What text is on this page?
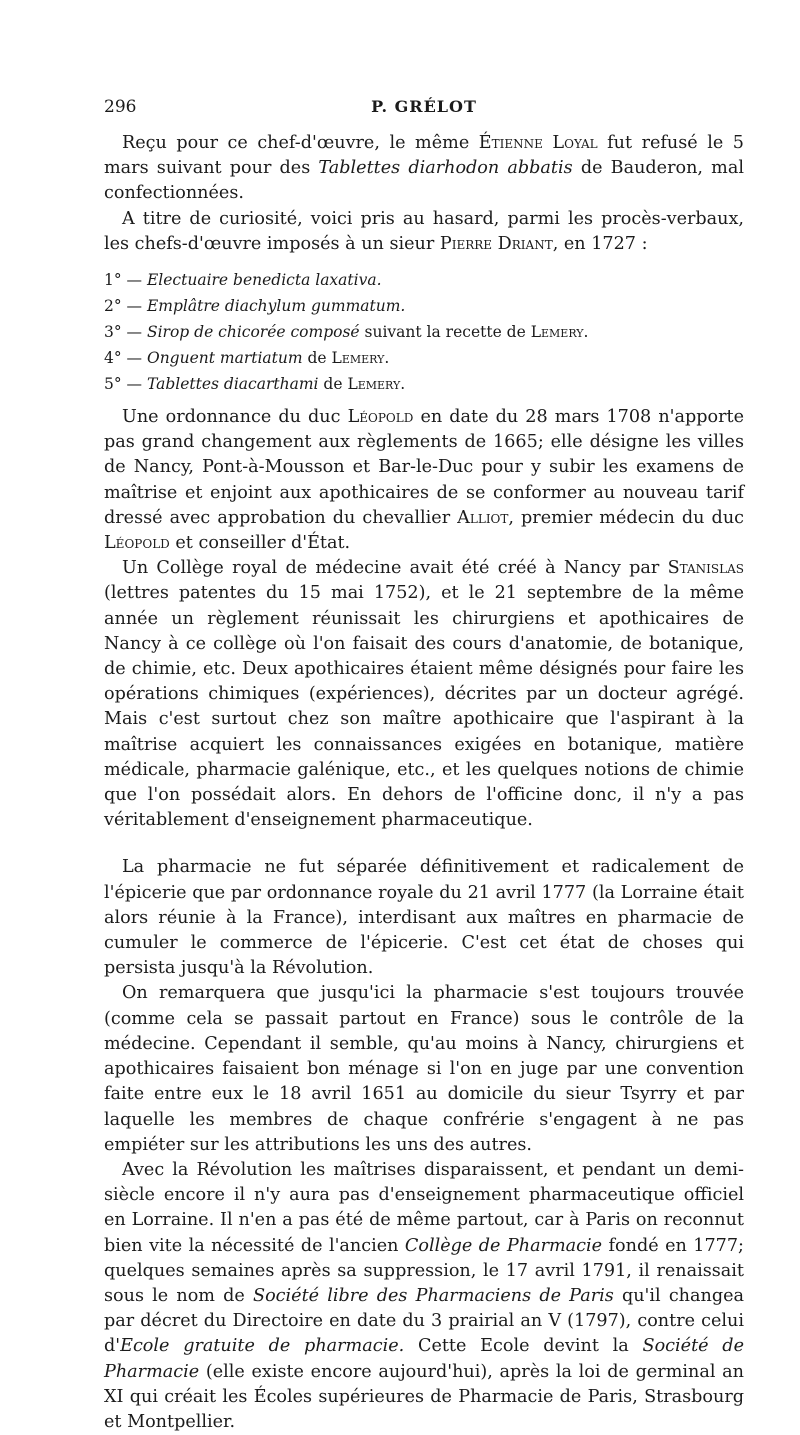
296	P. GRÉLOT

Reçu pour ce chef-d'œuvre, le même Étienne Loyal fut refusé le 5 mars suivant pour des Tablettes diarhodon abbatis de Bauderon, mal confectionnées.

A titre de curiosité, voici pris au hasard, parmi les procès-verbaux, les chefs-d'œuvre imposés à un sieur Pierre Driant, en 1727 :

1° — Electuaire benedicta laxativa.
2° — Emplâtre diachylum gummatum.
3° — Sirop de chicorée composé suivant la recette de Lemery.
4° — Onguent martiatum de Lemery.
5° — Tablettes diacarthami de Lemery.

Une ordonnance du duc Léopold en date du 28 mars 1708 n'apporte pas grand changement aux règlements de 1665; elle désigne les villes de Nancy, Pont-à-Mousson et Bar-le-Duc pour y subir les examens de maîtrise et enjoint aux apothicaires de se conformer au nouveau tarif dressé avec approbation du chevallier Alliot, premier médecin du duc Léopold et conseiller d'État.

Un Collège royal de médecine avait été créé à Nancy par Stanislas (lettres patentes du 15 mai 1752), et le 21 septembre de la même année un règlement réunissait les chirurgiens et apothicaires de Nancy à ce collège où l'on faisait des cours d'anatomie, de botanique, de chimie, etc. Deux apothicaires étaient même désignés pour faire les opérations chimiques (expériences), décrites par un docteur agrégé. Mais c'est surtout chez son maître apothicaire que l'aspirant à la maîtrise acquiert les connaissances exigées en botanique, matière médicale, pharmacie galénique, etc., et les quelques notions de chimie que l'on possédait alors. En dehors de l'officine donc, il n'y a pas véritablement d'enseignement pharmaceutique.

La pharmacie ne fut séparée définitivement et radicalement de l'épicerie que par ordonnance royale du 21 avril 1777 (la Lorraine était alors réunie à la France), interdisant aux maîtres en pharmacie de cumuler le commerce de l'épicerie. C'est cet état de choses qui persista jusqu'à la Révolution.

On remarquera que jusqu'ici la pharmacie s'est toujours trouvée (comme cela se passait partout en France) sous le contrôle de la médecine. Cependant il semble, qu'au moins à Nancy, chirurgiens et apothicaires faisaient bon ménage si l'on en juge par une convention faite entre eux le 18 avril 1651 au domicile du sieur Tsyrry et par laquelle les membres de chaque confrérie s'engagent à ne pas empiéter sur les attributions les uns des autres.

Avec la Révolution les maîtrises disparaissent, et pendant un demi-siècle encore il n'y aura pas d'enseignement pharmaceutique officiel en Lorraine. Il n'en a pas été de même partout, car à Paris on reconnut bien vite la nécessité de l'ancien Collège de Pharmacie fondé en 1777; quelques semaines après sa suppression, le 17 avril 1791, il renaissait sous le nom de Société libre des Pharmaciens de Paris qu'il changea par décret du Directoire en date du 3 prairial an V (1797), contre celui d'Ecole gratuite de pharmacie. Cette Ecole devint la Société de Pharmacie (elle existe encore aujourd'hui), après la loi de germinal an XI qui créait les Écoles supérieures de Pharmacie de Paris, Strasbourg et Montpellier.
